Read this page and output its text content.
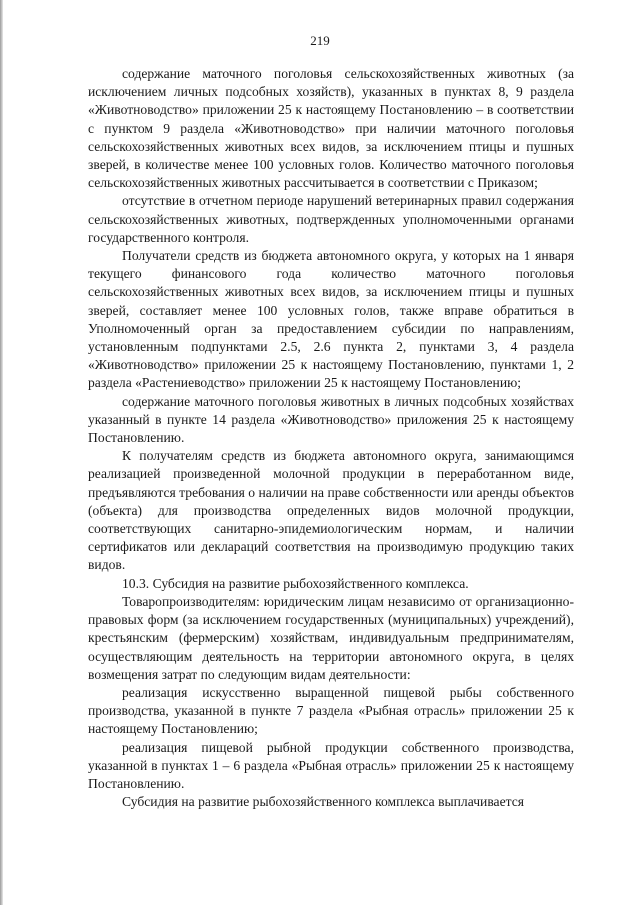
219

содержание маточного поголовья сельскохозяйственных животных (за исключением личных подсобных хозяйств), указанных в пунктах 8, 9 раздела «Животноводство» приложении 25 к настоящему Постановлению – в соответствии с пунктом 9 раздела «Животноводство» при наличии маточного поголовья сельскохозяйственных животных всех видов, за исключением птицы и пушных зверей, в количестве менее 100 условных голов. Количество маточного поголовья сельскохозяйственных животных рассчитывается в соответствии с Приказом;

отсутствие в отчетном периоде нарушений ветеринарных правил содержания сельскохозяйственных животных, подтвержденных уполномоченными органами государственного контроля.

Получатели средств из бюджета автономного округа, у которых на 1 января текущего финансового года количество маточного поголовья сельскохозяйственных животных всех видов, за исключением птицы и пушных зверей, составляет менее 100 условных голов, также вправе обратиться в Уполномоченный орган за предоставлением субсидии по направлениям, установленным подпунктами 2.5, 2.6 пункта 2, пунктами 3, 4 раздела «Животноводство» приложении 25 к настоящему Постановлению, пунктами 1, 2 раздела «Растениеводство» приложении 25 к настоящему Постановлению;

содержание маточного поголовья животных в личных подсобных хозяйствах указанный в пункте 14 раздела «Животноводство» приложения 25 к настоящему Постановлению.

К получателям средств из бюджета автономного округа, занимающимся реализацией произведенной молочной продукции в переработанном виде, предъявляются требования о наличии на праве собственности или аренды объектов (объекта) для производства определенных видов молочной продукции, соответствующих санитарно-эпидемиологическим нормам, и наличии сертификатов или деклараций соответствия на производимую продукцию таких видов.

10.3. Субсидия на развитие рыбохозяйственного комплекса.

Товаропроизводителям: юридическим лицам независимо от организационно-правовых форм (за исключением государственных (муниципальных) учреждений), крестьянским (фермерским) хозяйствам, индивидуальным предпринимателям, осуществляющим деятельность на территории автономного округа, в целях возмещения затрат по следующим видам деятельности:

реализация искусственно выращенной пищевой рыбы собственного производства, указанной в пункте 7 раздела «Рыбная отрасль» приложении 25 к настоящему Постановлению;

реализация пищевой рыбной продукции собственного производства, указанной в пунктах 1 – 6 раздела «Рыбная отрасль» приложении 25 к настоящему Постановлению.

Субсидия на развитие рыбохозяйственного комплекса выплачивается
